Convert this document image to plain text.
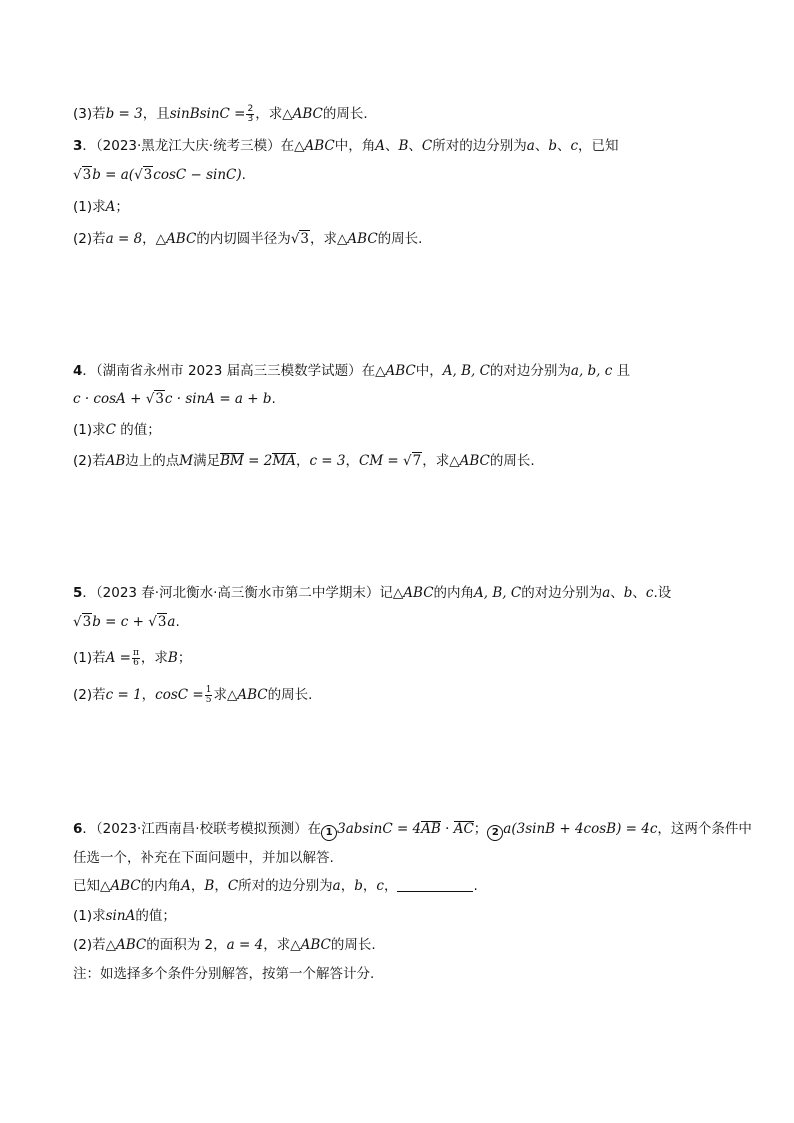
(3)若b = 3，且sinBsinC = $\frac{2}{3}$ ，求△ABC的周长.
3．（2023·黑龙江大庆·统考三模）在△ABC中，角A、B、C所对的边分别为a、b、c，已知
√3b = a(√3cosC − sinC).
(1)求A；
(2)若a = 8，△ABC的内切圆半径为√3，求△ABC的周长.
4．（湖南省永州市 2023 届高三三模数学试题）在△ABC中，A, B, C的对边分别为a, b, c 且
c · cosA + √3c · sinA = a + b.
(1)求C 的值；
(2)若AB边上的点M满足BM = 2MA，c = 3，CM = √7，求△ABC的周长.
5．（2023 春·河北衡水·高三衡水市第二中学期末）记△ABC的内角A, B, C的对边分别为a、b、c.设
√3b = c + √3a.
(1)若$A = \frac{\pi}{6}$ ，求B；
(2)若c = 1，$\cos C = \frac{1}{5}$ 求△ABC的周长.
6．（2023·江西南昌·校联考模拟预测）在 1 3absinC = 4AB · AC； 2 a(3sinB + 4cosB) = 4c，这两个条件中
任选一个，补充在下面问题中，并加以解答.
已知△ABC的内角A，B，C所对的边分别为a，b，c，	.
(1)求sinA的值；
(2)若△ABC的面积为 2，a = 4，求△ABC的周长.
注：如选择多个条件分别解答，按第一个解答计分.
